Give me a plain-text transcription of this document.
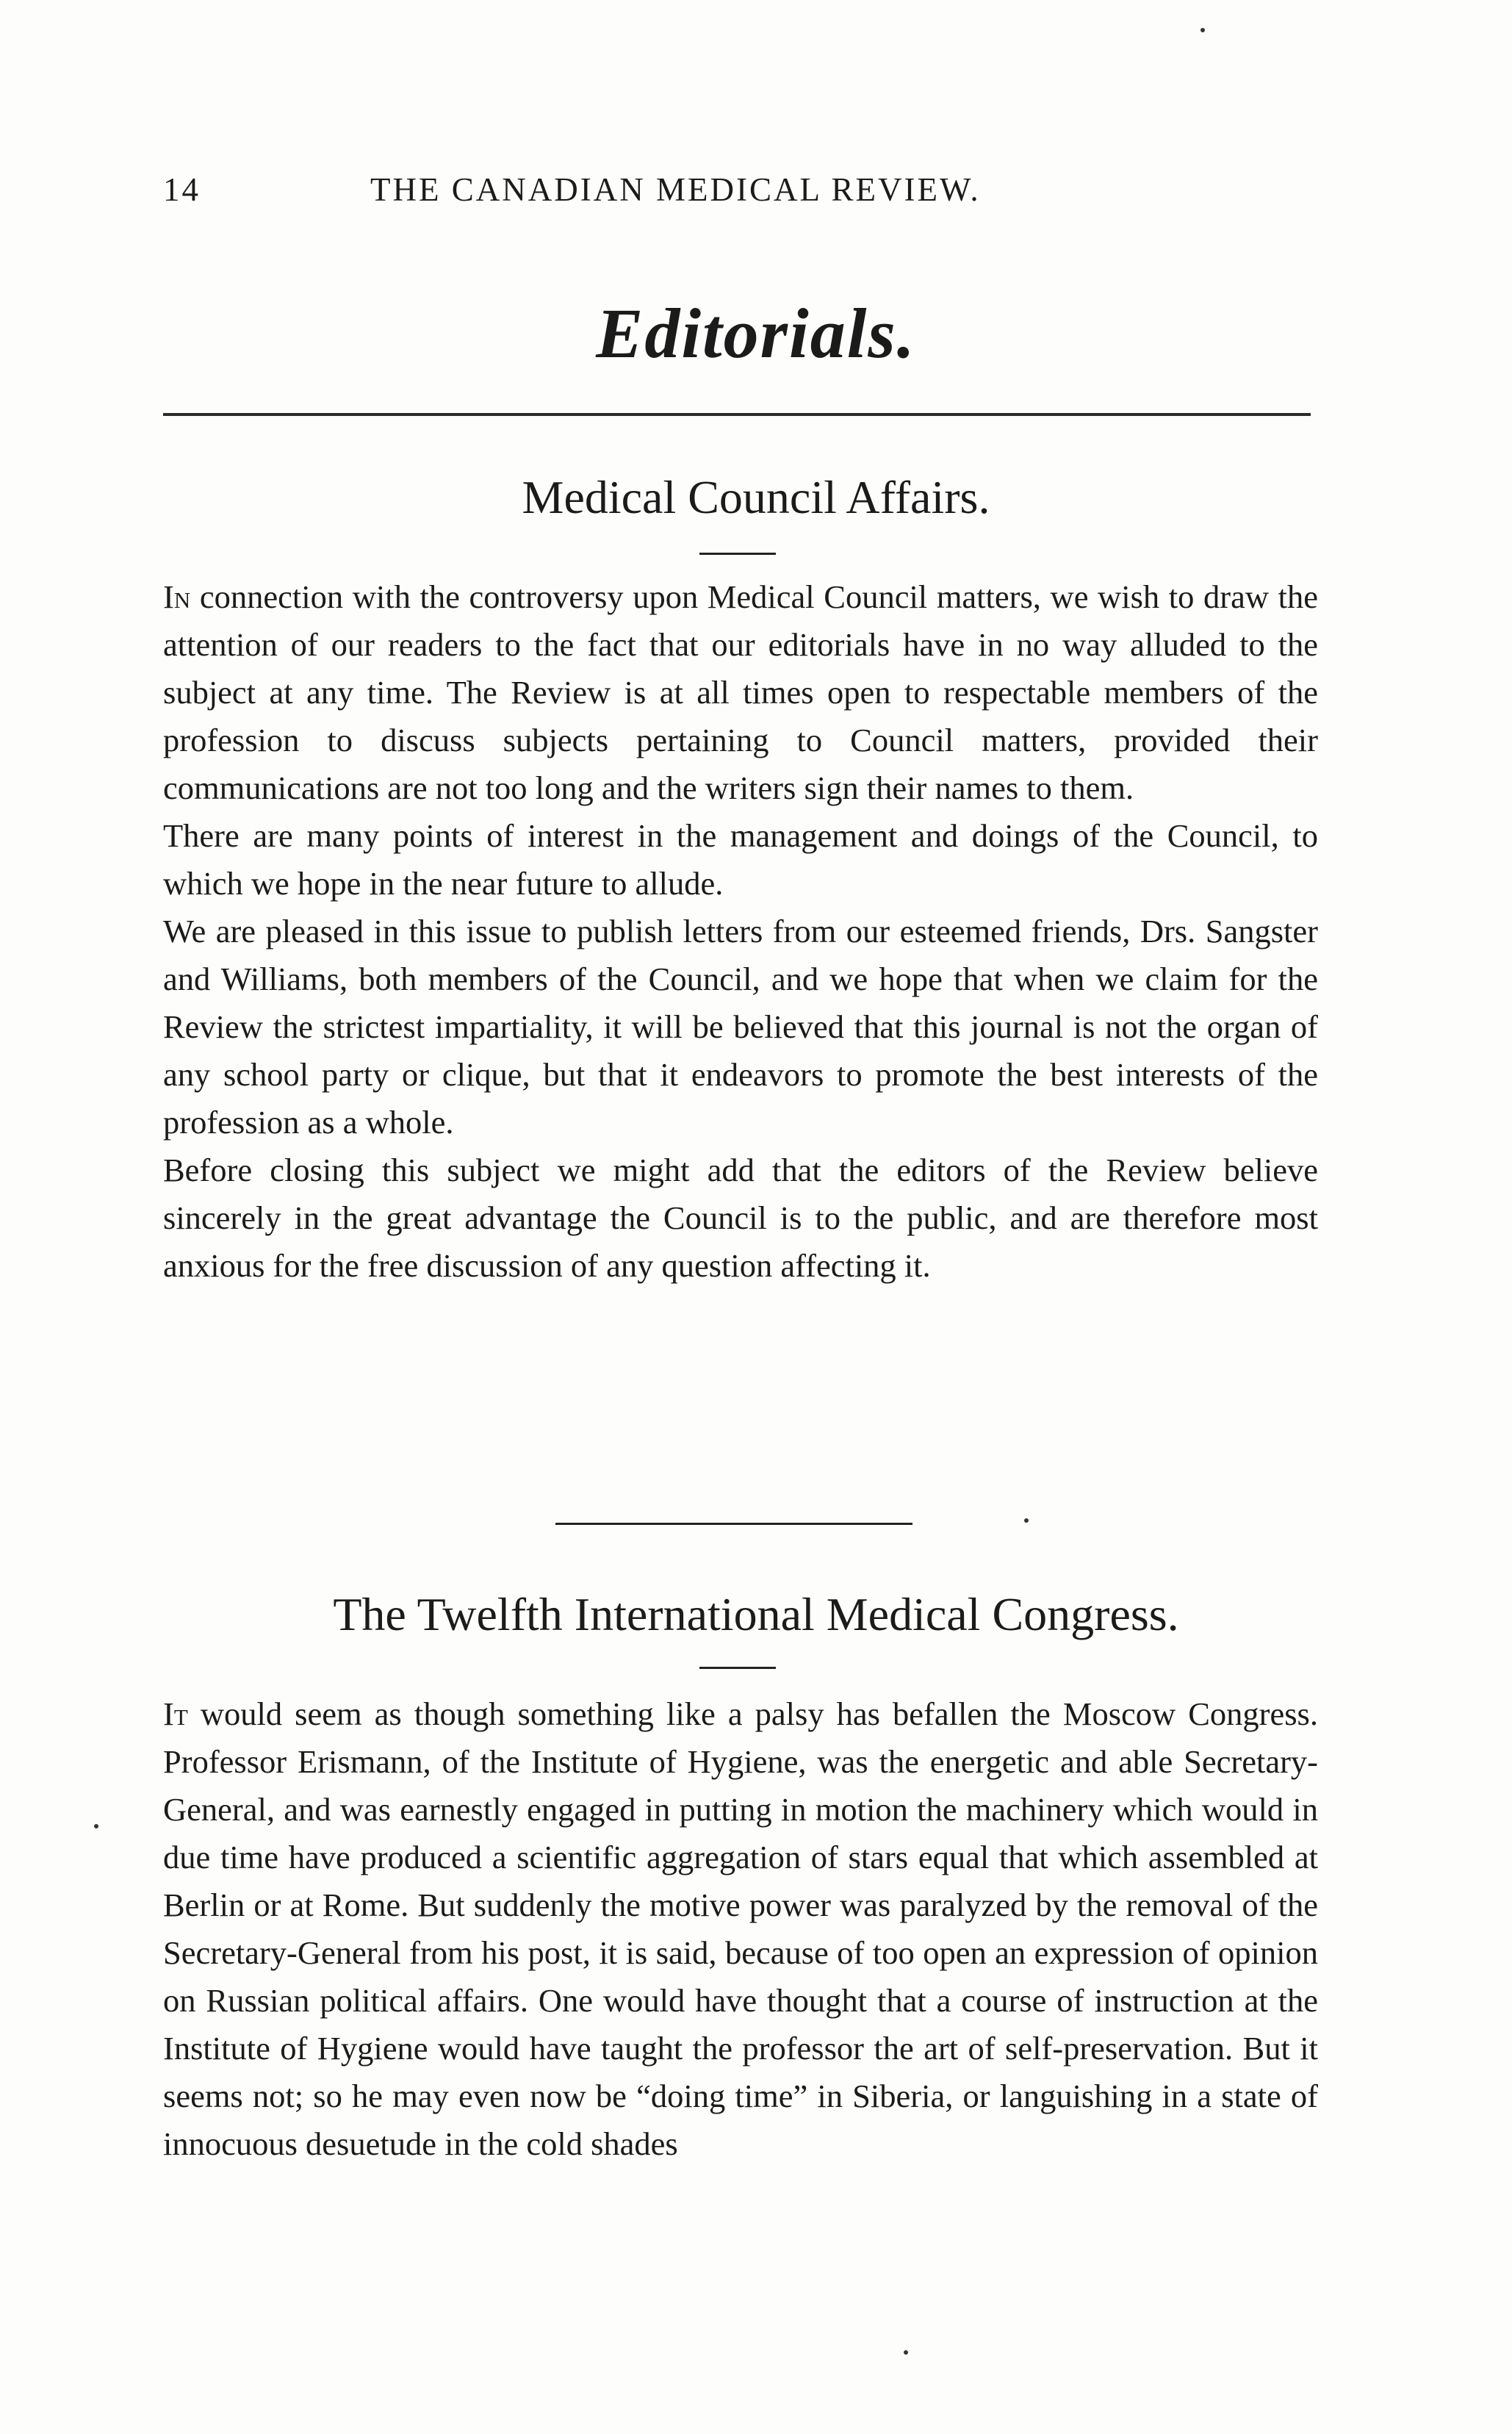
14	THE CANADIAN MEDICAL REVIEW.
Editorials.
Medical Council Affairs.

In connection with the controversy upon Medical Council matters, we wish to draw the attention of our readers to the fact that our editorials have in no way alluded to the subject at any time. The Review is at all times open to respectable members of the profession to discuss subjects pertaining to Council matters, provided their communications are not too long and the writers sign their names to them.

There are many points of interest in the management and doings of the Council, to which we hope in the near future to allude.

We are pleased in this issue to publish letters from our esteemed friends, Drs. Sangster and Williams, both members of the Council, and we hope that when we claim for the Review the strictest impartiality, it will be believed that this journal is not the organ of any school party or clique, but that it endeavors to promote the best interests of the profession as a whole.

Before closing this subject we might add that the editors of the Review believe sincerely in the great advantage the Council is to the public, and are therefore most anxious for the free discussion of any question affecting it.

The Twelfth International Medical Congress.

It would seem as though something like a palsy has befallen the Moscow Congress. Professor Erismann, of the Institute of Hygiene, was the energetic and able Secretary-General, and was earnestly engaged in putting in motion the machinery which would in due time have produced a scientific aggregation of stars equal that which assembled at Berlin or at Rome. But suddenly the motive power was paralyzed by the removal of the Secretary-General from his post, it is said, because of too open an expression of opinion on Russian political affairs. One would have thought that a course of instruction at the Institute of Hygiene would have taught the professor the art of self-preservation. But it seems not; so he may even now be “doing time” in Siberia, or languishing in a state of innocuous desuetude in the cold shades
